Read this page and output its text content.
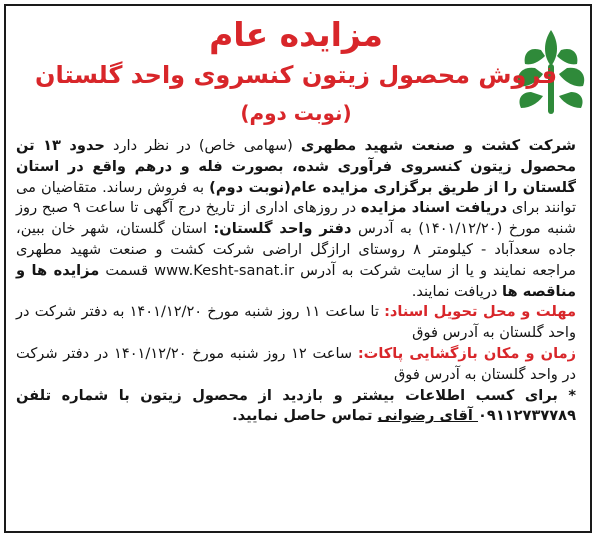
مزایده عام
فروش محصول زیتون کنسروی واحد گلستان
(نوبت دوم)

شرکت کشت و صنعت شهید مطهری (سهامی خاص) در نظر دارد حدود ۱۳ تن محصول زیتون کنسروی فرآوری شده، بصورت فله و درهم واقع در استان گلستان را از طریق برگزاری مزایده عام(نوبت دوم) به فروش رساند. متقاضیان می توانند برای دریافت اسناد مزایده در روزهای اداری از تاریخ درج آگهی تا ساعت ۹ صبح روز شنبه مورخ (۱۴۰۱/۱۲/۲۰) به آدرس دفتر واحد گلستان: استان گلستان، شهر خان ببین، جاده سعدآباد - کیلومتر ۸ روستای ارازگل اراضی شرکت کشت و صنعت شهید مطهری مراجعه نمایند و یا از سایت شرکت به آدرس www.Kesht-sanat.ir قسمت مزایده ها و مناقصه ها دریافت نمایند.

مهلت و محل تحویل اسناد: تا ساعت ۱۱ روز شنبه مورخ ۱۴۰۱/۱۲/۲۰ به دفتر شرکت در واحد گلستان به آدرس فوق

زمان و مکان بازگشایی پاکات: ساعت ۱۲ روز شنبه مورخ ۱۴۰۱/۱۲/۲۰ در دفتر شرکت در واحد گلستان به آدرس فوق

* برای کسب اطلاعات بیشتر و بازدید از محصول زیتون با شماره تلفن ۰۹۱۱۲۷۳۷۷۸۹ آقای رضوانی تماس حاصل نمایید.
